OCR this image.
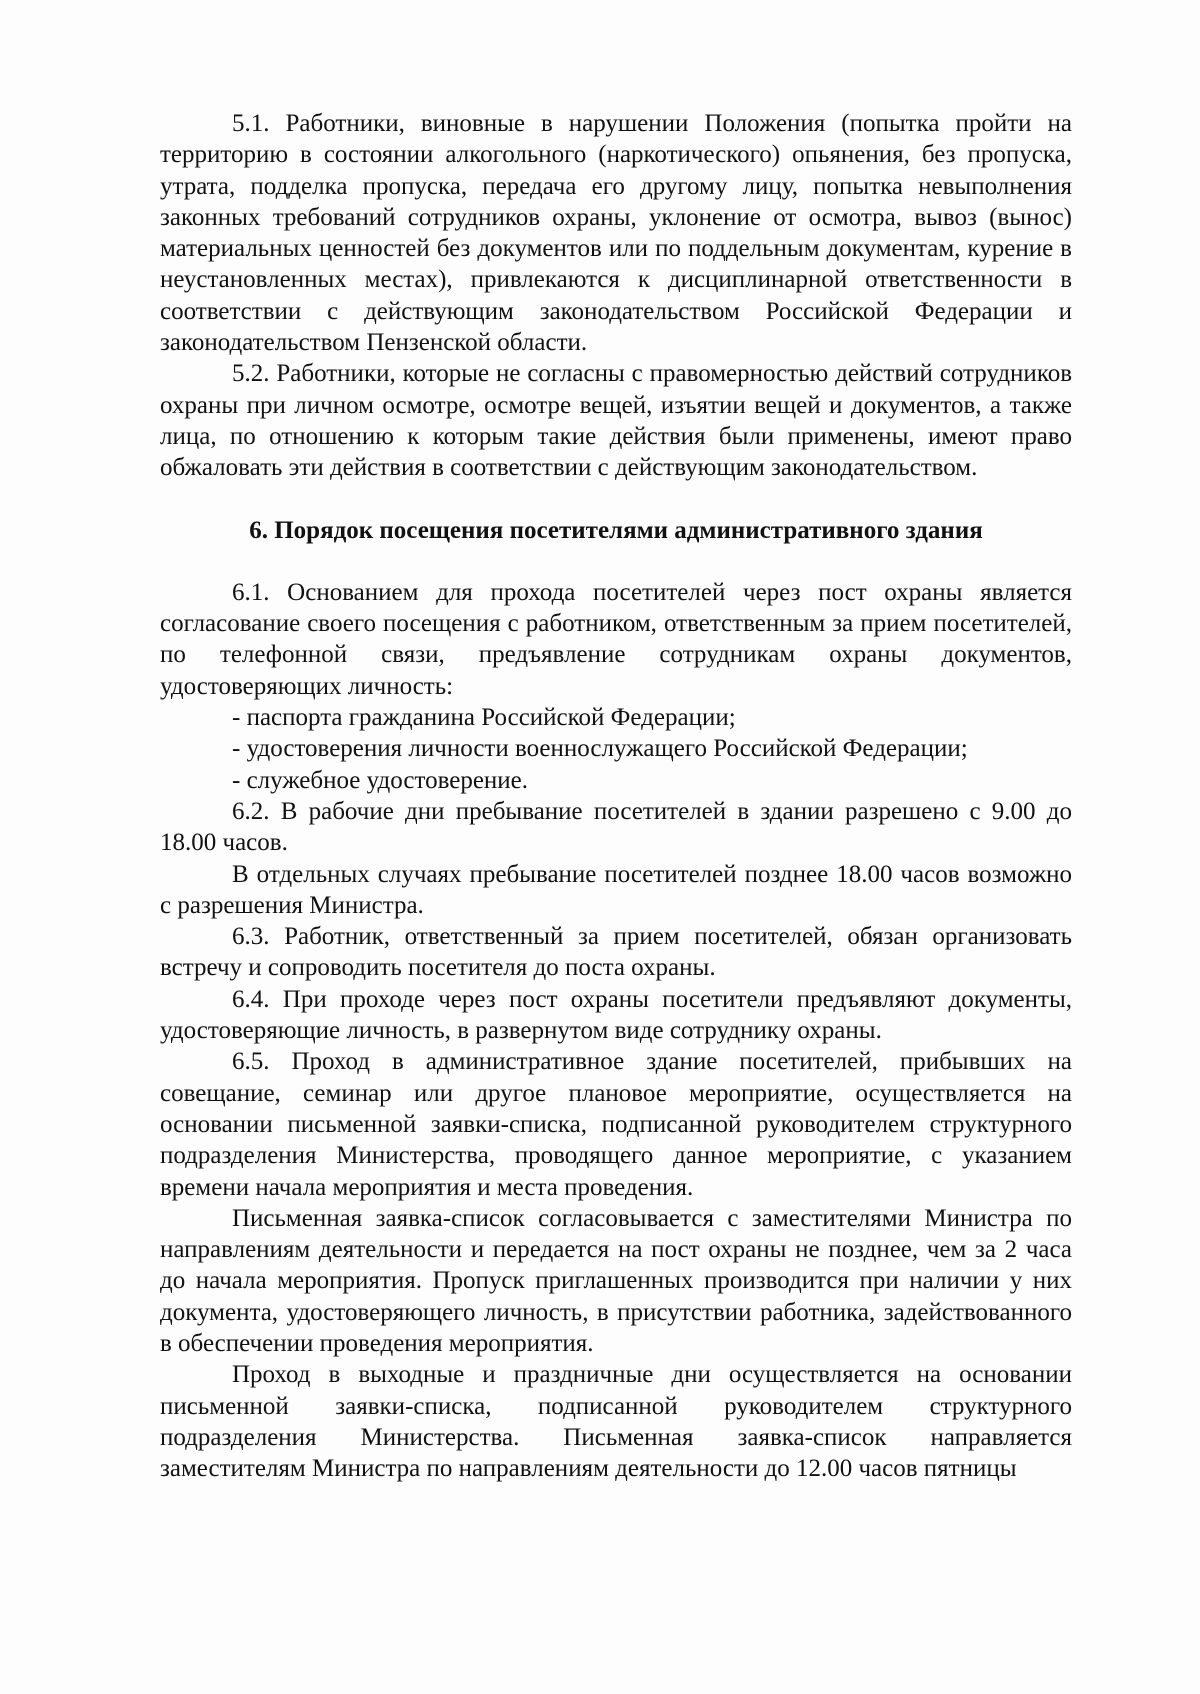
5.1. Работники, виновные в нарушении Положения (попытка пройти на территорию в состоянии алкогольного (наркотического) опьянения, без пропуска, утрата, подделка пропуска, передача его другому лицу, попытка невыполнения законных требований сотрудников охраны, уклонение от осмотра, вывоз (вынос) материальных ценностей без документов или по поддельным документам, курение в неустановленных местах), привлекаются к дисциплинарной ответственности в соответствии с действующим законодательством Российской Федерации и законодательством Пензенской области.

5.2. Работники, которые не согласны с правомерностью действий сотрудников охраны при личном осмотре, осмотре вещей, изъятии вещей и документов, а также лица, по отношению к которым такие действия были применены, имеют право обжаловать эти действия в соответствии с действующим законодательством.

6. Порядок посещения посетителями административного здания

6.1. Основанием для прохода посетителей через пост охраны является согласование своего посещения с работником, ответственным за прием посетителей, по телефонной связи, предъявление сотрудникам охраны документов, удостоверяющих личность:

- паспорта гражданина Российской Федерации;

- удостоверения личности военнослужащего Российской Федерации;

- служебное удостоверение.

6.2. В рабочие дни пребывание посетителей в здании разрешено с 9.00 до 18.00 часов.

В отдельных случаях пребывание посетителей позднее 18.00 часов возможно с разрешения Министра.

6.3. Работник, ответственный за прием посетителей, обязан организовать встречу и сопроводить посетителя до поста охраны.

6.4. При проходе через пост охраны посетители предъявляют документы, удостоверяющие личность, в развернутом виде сотруднику охраны.

6.5. Проход в административное здание посетителей, прибывших на совещание, семинар или другое плановое мероприятие, осуществляется на основании письменной заявки-списка, подписанной руководителем структурного подразделения Министерства, проводящего данное мероприятие, с указанием времени начала мероприятия и места проведения.

Письменная заявка-список согласовывается с заместителями Министра по направлениям деятельности и передается на пост охраны не позднее, чем за 2 часа до начала мероприятия. Пропуск приглашенных производится при наличии у них документа, удостоверяющего личность, в присутствии работника, задействованного в обеспечении проведения мероприятия.

Проход в выходные и праздничные дни осуществляется на основании письменной заявки-списка, подписанной руководителем структурного подразделения Министерства. Письменная заявка-список направляется заместителям Министра по направлениям деятельности до 12.00 часов пятницы
